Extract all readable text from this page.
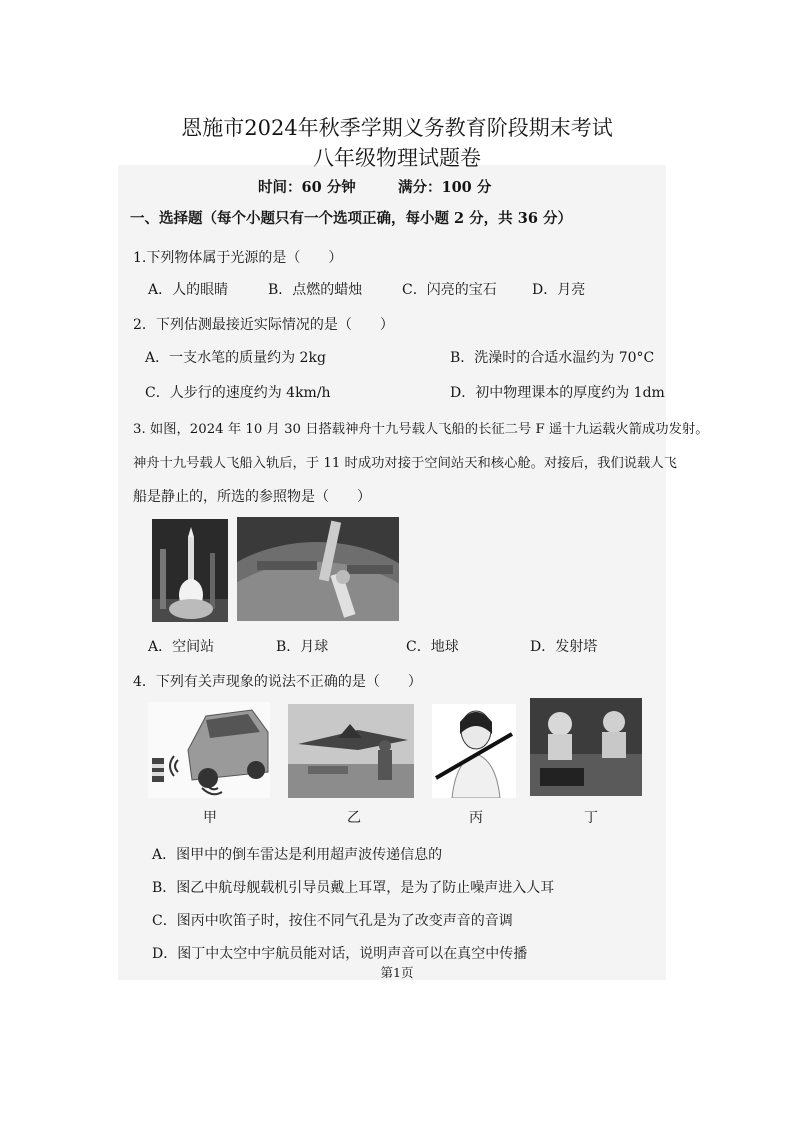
恩施市2024年秋季学期义务教育阶段期末考试
八年级物理试题卷
时间：60 分钟	满分：100 分
一、选择题（每个小题只有一个选项正确，每小题 2 分，共 36 分）
1.下列物体属于光源的是（　　）
A．人的眼睛	B．点燃的蜡烛	C．闪亮的宝石	D．月亮
2．下列估测最接近实际情况的是（　　）
A．一支水笔的质量约为 2kg	B．洗澡时的合适水温约为 70°C
C．人步行的速度约为 4km/h	D．初中物理课本的厚度约为 1dm
3. 如图，2024 年 10 月 30 日搭载神舟十九号载人飞船的长征二号 F 遥十九运载火箭成功发射。
神舟十九号载人飞船入轨后，于 11 时成功对接于空间站天和核心舱。对接后，我们说载人飞
船是静止的，所选的参照物是（　　）
A．空间站	B．月球	C．地球	D．发射塔
4．下列有关声现象的说法不正确的是（　　）
甲	乙	丙	丁
A．图甲中的倒车雷达是利用超声波传递信息的
B．图乙中航母舰载机引导员戴上耳罩，是为了防止噪声进入人耳
C．图丙中吹笛子时，按住不同气孔是为了改变声音的音调
D．图丁中太空中宇航员能对话，说明声音可以在真空中传播
第1页
